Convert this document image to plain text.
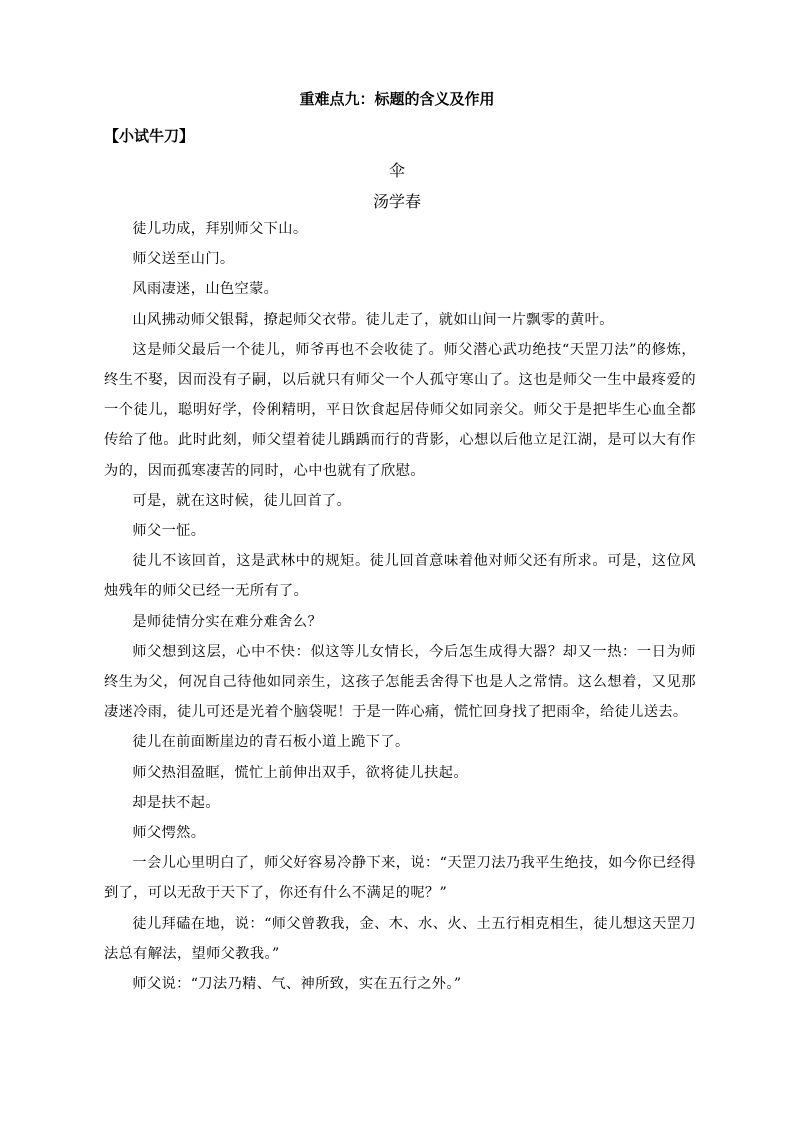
重难点九：标题的含义及作用
【小试牛刀】
伞
汤学春

徒儿功成，拜别师父下山。

师父送至山门。

风雨凄迷，山色空蒙。

山风拂动师父银髯，撩起师父衣带。徒儿走了，就如山间一片飘零的黄叶。

这是师父最后一个徒儿，师爷再也不会收徒了。师父潜心武功绝技“天罡刀法”的修炼，终生不娶，因而没有子嗣，以后就只有师父一个人孤守寒山了。这也是师父一生中最疼爱的一个徒儿，聪明好学，伶俐精明，平日饮食起居侍师父如同亲父。师父于是把毕生心血全都传给了他。此时此刻，师父望着徒儿踽踽而行的背影，心想以后他立足江湖，是可以大有作为的，因而孤寒凄苦的同时，心中也就有了欣慰。

可是，就在这时候，徒儿回首了。

师父一怔。

徒儿不该回首，这是武林中的规矩。徒儿回首意味着他对师父还有所求。可是，这位风烛残年的师父已经一无所有了。

是师徒情分实在难分难舍么？

师父想到这层，心中不快：似这等儿女情长，今后怎生成得大器？却又一热：一日为师终生为父，何况自己待他如同亲生，这孩子怎能丢舍得下也是人之常情。这么想着，又见那凄迷冷雨，徒儿可还是光着个脑袋呢！于是一阵心痛，慌忙回身找了把雨伞，给徒儿送去。

徒儿在前面断崖边的青石板小道上跪下了。

师父热泪盈眶，慌忙上前伸出双手，欲将徒儿扶起。

却是扶不起。

师父愕然。

一会儿心里明白了，师父好容易冷静下来，说：“天罡刀法乃我平生绝技，如今你已经得到了，可以无敌于天下了，你还有什么不满足的呢？”

徒儿拜磕在地，说：“师父曾教我，金、木、水、火、土五行相克相生，徒儿想这天罡刀法总有解法，望师父教我。”

师父说：“刀法乃精、气、神所致，实在五行之外。”
